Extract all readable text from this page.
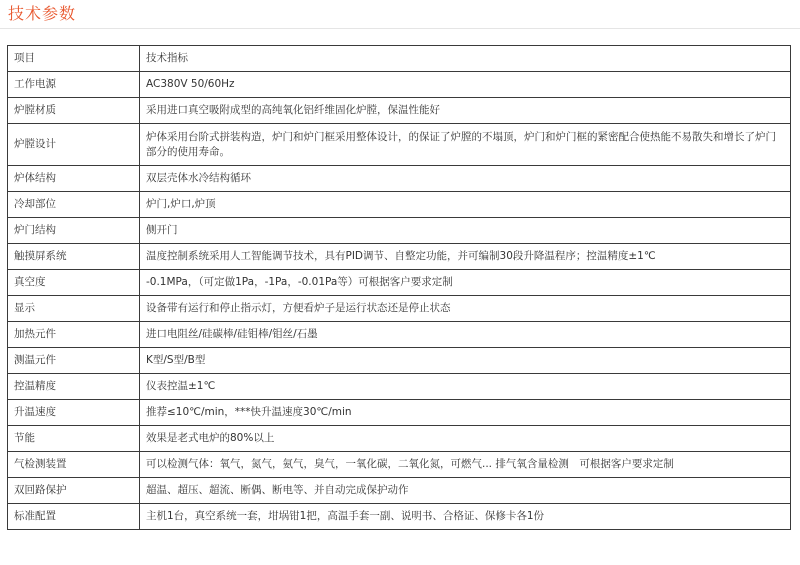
技术参数
项目	技术指标
工作电源	AC380V 50/60Hz
炉膛材质	采用进口真空吸附成型的高纯氧化铝纤维固化炉膛，保温性能好
炉膛设计	炉体采用台阶式拼装构造，炉门和炉门框采用整体设计，的保证了炉膛的不塌顶，炉门和炉门框的紧密配合使热能不易散失和增长了炉门部分的使用寿命。
炉体结构	双层壳体水冷结构循环
冷却部位	炉门,炉口,炉顶
炉门结构	侧开门
触摸屏系统	温度控制系统采用人工智能调节技术，具有PID调节、自整定功能，并可编制30段升降温程序；控温精度±1℃
真空度	-0.1MPa，（可定做1Pa，-1Pa，-0.01Pa等）可根据客户要求定制
显示	设备带有运行和停止指示灯，方便看炉子是运行状态还是停止状态
加热元件	进口电阻丝/硅碳棒/硅钼棒/钼丝/石墨
测温元件	K型/S型/B型
控温精度	仪表控温±1℃
升温速度	推荐≤10℃/min，***快升温速度30℃/min
节能	效果是老式电炉的80%以上
气检测装置	可以检测气体：氧气，氮气，氨气，臭气，一氧化碳，二氧化氮，可燃气... 排气氧含量检测　可根据客户要求定制
双回路保护	超温、超压、超流、断偶、断电等、并自动完成保护动作
标准配置	主机1台，真空系统一套，坩埚钳1把，高温手套一副、说明书、合格证、保修卡各1份
